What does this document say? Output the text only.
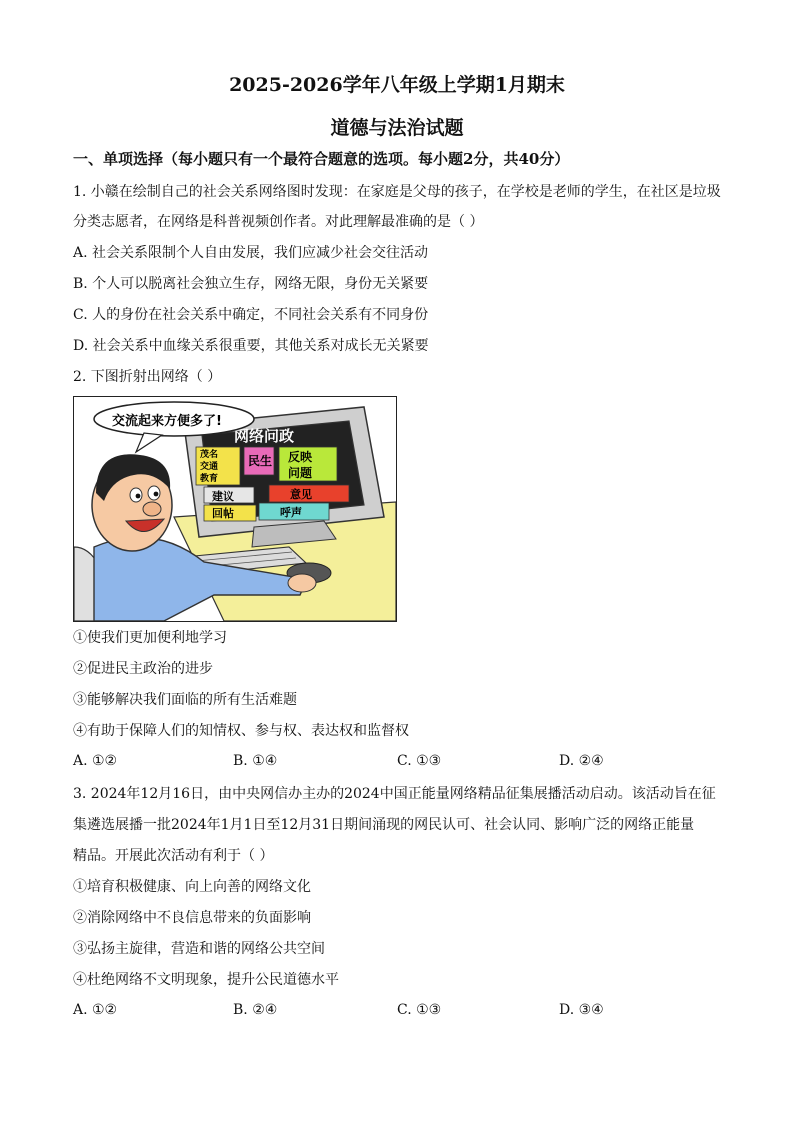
2025-2026学年八年级上学期1月期末
道德与法治试题
一、单项选择（每小题只有一个最符合题意的选项。每小题2分，共40分）
1. 小赣在绘制自己的社会关系网络图时发现：在家庭是父母的孩子，在学校是老师的学生，在社区是垃圾
分类志愿者，在网络是科普视频创作者。对此理解最准确的是（ ）
A. 社会关系限制个人自由发展，我们应减少社会交往活动
B. 个人可以脱离社会独立生存，网络无限，身份无关紧要
C. 人的身份在社会关系中确定，不同社会关系有不同身份
D. 社会关系中血缘关系很重要，其他关系对成长无关紧要
2. 下图折射出网络（ ）
网络问政
茂名
交通
教育
民生 反映
问题
建议	意见
回帖	呼声
交流起来方便多了!
①使我们更加便利地学习
②促进民主政治的进步
③能够解决我们面临的所有生活难题
④有助于保障人们的知情权、参与权、表达权和监督权
A. ①②	B. ①④	C. ①③	D. ②④
3. 2024年12月16日，由中央网信办主办的2024中国正能量网络精品征集展播活动启动。该活动旨在征
集遴选展播一批2024年1月1日至12月31日期间涌现的网民认可、社会认同、影响广泛的网络正能量
精品。开展此次活动有利于（ ）
①培育积极健康、向上向善的网络文化
②消除网络中不良信息带来的负面影响
③弘扬主旋律，营造和谐的网络公共空间
④杜绝网络不文明现象，提升公民道德水平
A. ①②	B. ②④	C. ①③	D. ③④
